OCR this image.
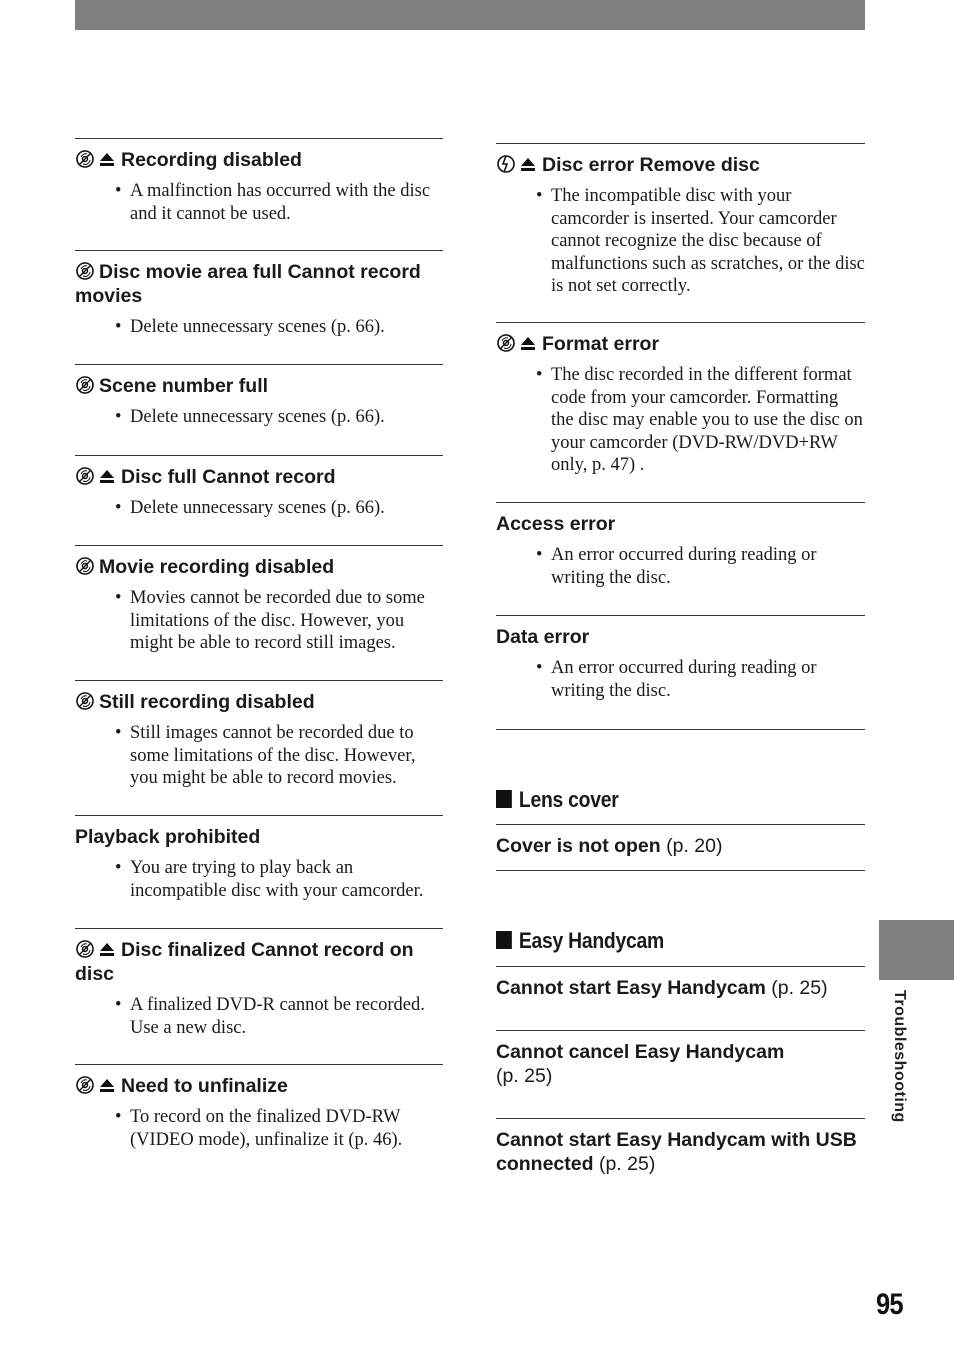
Recording disabled
• A malfinction has occurred with the disc and it cannot be used.
Disc movie area full Cannot record movies
• Delete unnecessary scenes (p. 66).
Scene number full
• Delete unnecessary scenes (p. 66).
Disc full Cannot record
• Delete unnecessary scenes (p. 66).
Movie recording disabled
• Movies cannot be recorded due to some limitations of the disc. However, you might be able to record still images.
Still recording disabled
• Still images cannot be recorded due to some limitations of the disc. However, you might be able to record movies.
Playback prohibited
• You are trying to play back an incompatible disc with your camcorder.
Disc finalized Cannot record on disc
• A finalized DVD-R cannot be recorded. Use a new disc.
Need to unfinalize
• To record on the finalized DVD-RW (VIDEO mode), unfinalize it (p. 46).
Disc error Remove disc
• The incompatible disc with your camcorder is inserted. Your camcorder cannot recognize the disc because of malfunctions such as scratches, or the disc is not set correctly.
Format error
• The disc recorded in the different format code from your camcorder. Formatting the disc may enable you to use the disc on your camcorder (DVD-RW/DVD+RW only, p. 47) .
Access error
• An error occurred during reading or writing the disc.
Data error
• An error occurred during reading or writing the disc.
Lens cover
Cover is not open (p. 20)
Easy Handycam
Cannot start Easy Handycam (p. 25)
Cannot cancel Easy Handycam
(p. 25)
Cannot start Easy Handycam with USB connected (p. 25)
Troubleshooting
95
